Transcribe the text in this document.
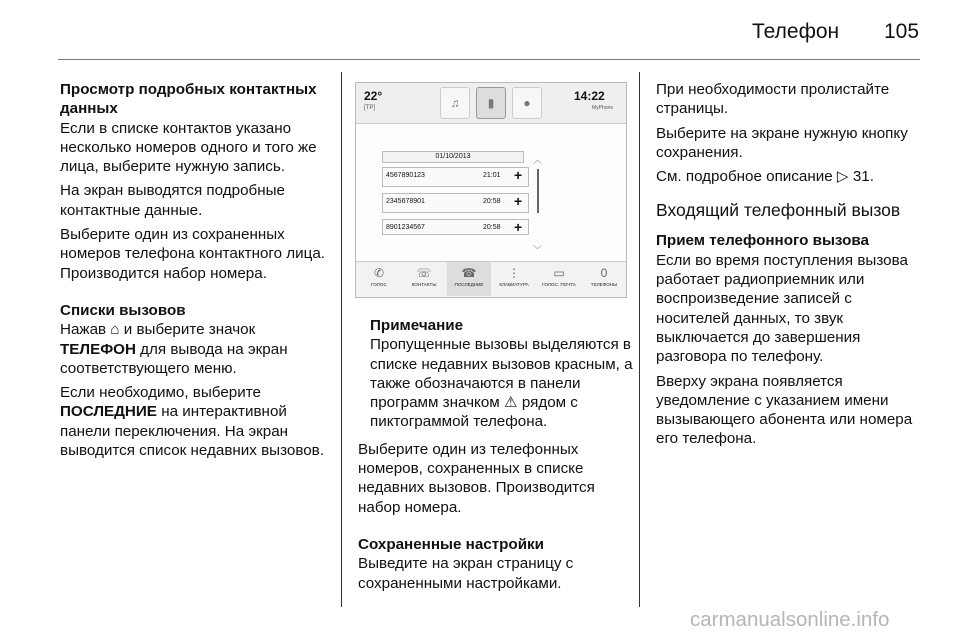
Телефон 105
Просмотр подробных контактных
данных

Если в списке контактов указано несколько номеров одного и того же лица, выберите нужную запись.

На экран выводятся подробные контактные данные.

Выберите один из сохраненных номеров телефона контактного лица. Производится набор номера.

Списки вызовов

Нажав ⌂ и выберите значок
ТЕЛЕФОН для вывода на экран соответствующего меню.

Если необходимо, выберите
ПОСЛЕДНИЕ на интерактивной панели переключения. На экран выводится список недавних вызовов.

22°
[TP]	♫	▮	●	14:22
MyPhone
01/10/2013
4567890123	21:01 +
2345678901	20:58 +
8901234567	20:58 +
︿
﹀
✆
ГОЛОС
☏
КОНТАКТЫ
☎
ПОСЛЕДНИЕ
⋮
КЛАВИАТУРА
▭
ГОЛОС. ПОЧТА
0
ТЕЛЕФОНЫ
Примечание
Пропущенные вызовы выделяются в списке недавних вызовов красным, а также обозначаются в панели программ значком ⚠ рядом с пиктограммой телефона.

Выберите один из телефонных номеров, сохраненных в списке недавних вызовов. Производится набор номера.

Сохраненные настройки

Выведите на экран страницу с сохраненными настройками.

При необходимости пролистайте страницы.

Выберите на экране нужную кнопку сохранения.

См. подробное описание ▷ 31.

Входящий телефонный вызов
Прием телефонного вызова

Если во время поступления вызова работает радиоприемник или воспроизведение записей с носителей данных, то звук выключается до завершения разговора по телефону.

Вверху экрана появляется уведомление с указанием имени вызывающего абонента или номера его телефона.

carmanualsonline.info
